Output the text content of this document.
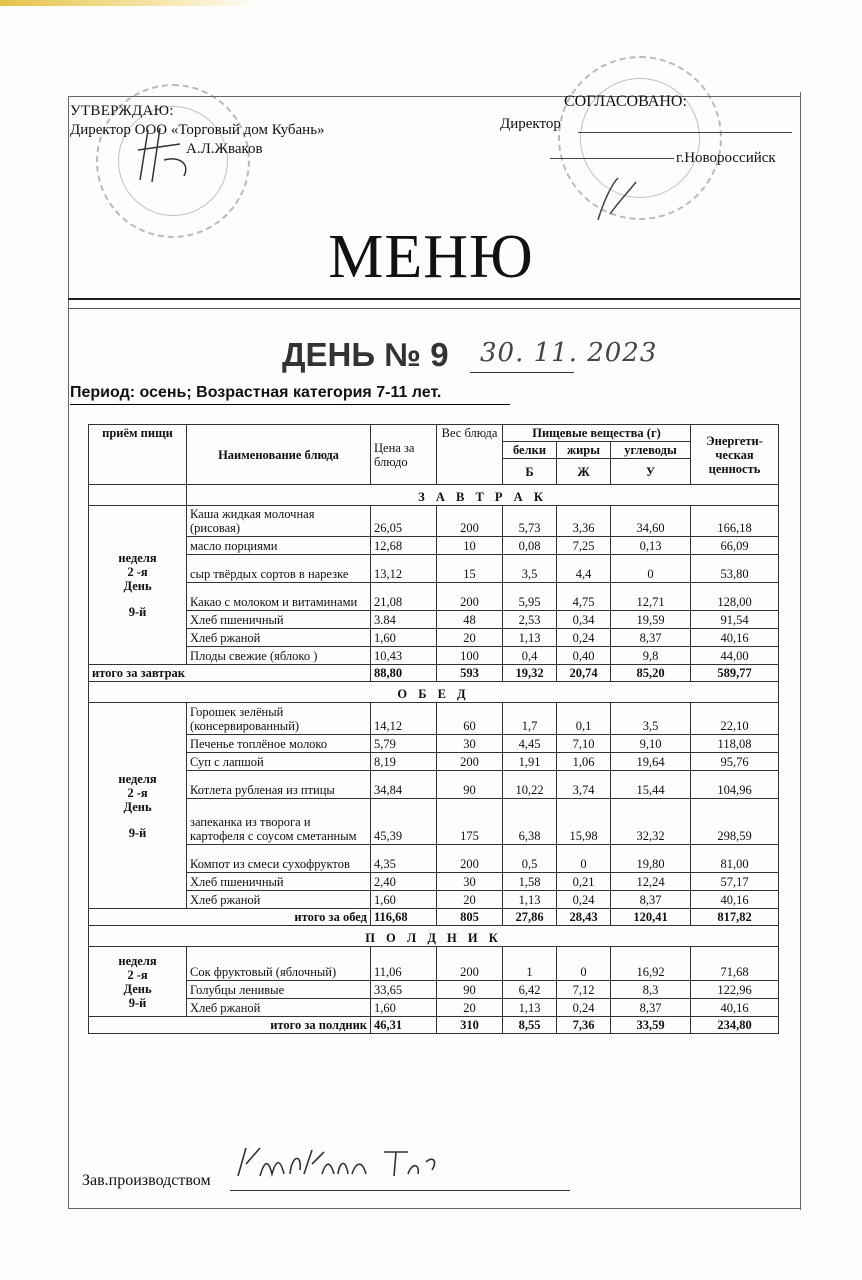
УТВЕРЖДАЮ:
Директор ООО «Торговый дом Кубань»
А.Л.Жваков
СОГЛАСОВАНО:
Директор
г.Новороссийск
МЕНЮ
ДЕНЬ № 9 30. 11. 2023
Период: осень; Возрастная категория 7-11 лет.
приём пищи	Наименование блюда	Цена за блюдо	Вес блюда	Пищевые вещества (г)			Энергети-ческая ценность
				белки	жиры	углеводы	
				Б	Ж	У	
	З А В Т Р А К						

неделя
2 -я
День
9-й	Каша жидкая молочная (рисовая)	26,05	200	5,73	3,36	34,60	166,18
	масло порциями	12,68	10	0,08	7,25	0,13	66,09
	сыр твёрдых сортов в нарезке	13,12	15	3,5	4,4	0	53,80
	Какао с молоком и витаминами	21,08	200	5,95	4,75	12,71	128,00
	Хлеб пшеничный	3.84	48	2,53	0,34	19,59	91,54
	Хлеб ржаной	1,60	20	1,13	0,24	8,37	40,16
	Плоды свежие (яблоко )	10,43	100	0,4	0,40	9,8	44,00
итого за завтрак		88,80	593	19,32	20,74	85,20	589,77
О Б Е Д							

неделя
2 -я
День
9-й	Горошек зелёный (консервированный)	14,12	60	1,7	0,1	3,5	22,10
	Печенье топлёное молоко	5,79	30	4,45	7,10	9,10	118,08
	Суп с лапшой	8,19	200	1,91	1,06	19,64	95,76
	Котлета рубленая из птицы	34,84	90	10,22	3,74	15,44	104,96
	запеканка из творога и картофеля с соусом сметанным	45,39	175	6,38	15,98	32,32	298,59
	Компот из смеси сухофруктов	4,35	200	0,5	0	19,80	81,00
	Хлеб пшеничный	2,40	30	1,58	0,21	12,24	57,17
	Хлеб ржаной	1,60	20	1,13	0,24	8,37	40,16
итого за обед		116,68	805	27,86	28,43	120,41	817,82
П О Л Д Н И К							

неделя
2 -я
День
9-й	Сок фруктовый (яблочный)	11,06	200	1	0	16,92	71,68
	Голубцы ленивые	33,65	90	6,42	7,12	8,3	122,96
	Хлеб ржаной	1,60	20	1,13	0,24	8,37	40,16
итого за полдник		46,31	310	8,55	7,36	33,59	234,80
Зав.производством
